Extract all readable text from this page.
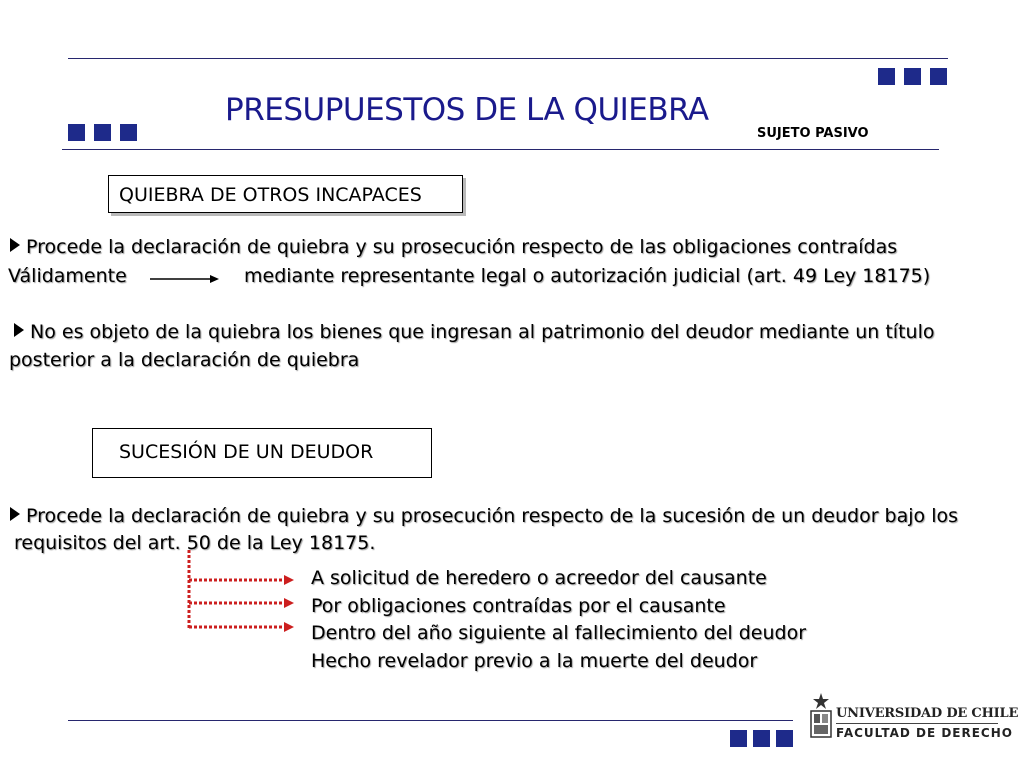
PRESUPUESTOS DE LA QUIEBRA
SUJETO PASIVO
QUIEBRA DE OTROS INCAPACES
Procede la declaración de quiebra y su prosecución respecto de las obligaciones contraídas
Válidamente	mediante representante legal o autorización judicial (art. 49 Ley 18175)
No es objeto de la quiebra los bienes que ingresan al patrimonio del deudor mediante un título
posterior a la declaración de quiebra
SUCESIÓN DE UN DEUDOR
Procede la declaración de quiebra y su prosecución respecto de la sucesión de un deudor bajo los
requisitos del art. 50 de la Ley 18175.
A solicitud de heredero o acreedor del causante
Por obligaciones contraídas por el causante
Dentro del año siguiente al fallecimiento del deudor
Hecho revelador previo a la muerte del deudor
UNIVERSIDAD DE CHILE
FACULTAD DE DERECHO
